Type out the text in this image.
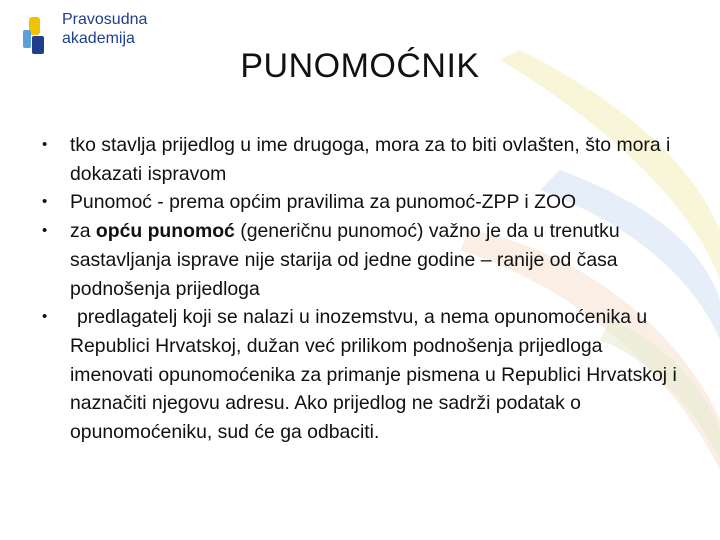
Pravosudna
akademija
PUNOMOĆNIK
• tko stavlja prijedlog u ime drugoga, mora za to biti ovlašten, što mora i dokazati ispravom
• Punomoć - prema općim pravilima za punomoć-ZPP i ZOO
• za opću punomoć (generičnu punomoć) važno je da u trenutku sastavljanja isprave nije starija od jedne godine – ranije od časa podnošenja prijedloga
• predlagatelj koji se nalazi u inozemstvu, a nema opunomoćenika u Republici Hrvatskoj, dužan već prilikom podnošenja prijedloga imenovati opunomoćenika za primanje pismena u Republici Hrvatskoj i naznačiti njegovu adresu. Ako prijedlog ne sadrži podatak o opunomoćeniku, sud će ga odbaciti.
